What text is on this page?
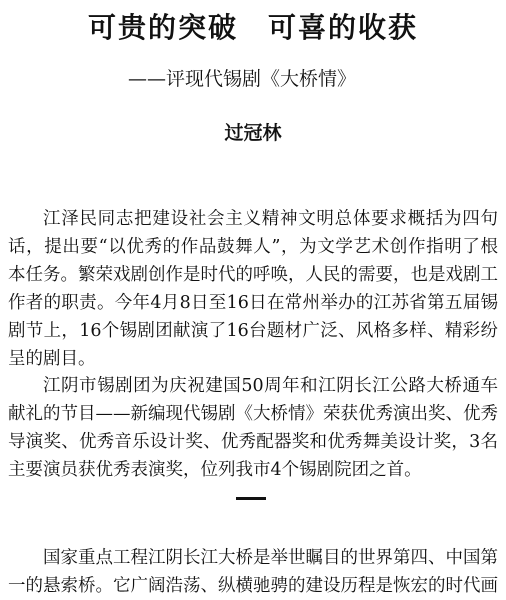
可贵的突破　可喜的收获
——评现代锡剧《大桥情》
过冠林
江泽民同志把建设社会主义精神文明总体要求概括为四句话，提出要“以优秀的作品鼓舞人”，为文学艺术创作指明了根本任务。繁荣戏剧创作是时代的呼唤，人民的需要，也是戏剧工作者的职责。今年4月8日至16日在常州举办的江苏省第五届锡剧节上，16个锡剧团献演了16台题材广泛、风格多样、精彩纷呈的剧目。
江阴市锡剧团为庆祝建国50周年和江阴长江公路大桥通车献礼的节目——新编现代锡剧《大桥情》荣获优秀演出奖、优秀导演奖、优秀音乐设计奖、优秀配器奖和优秀舞美设计奖，3名主要演员获优秀表演奖，位列我市4个锡剧院团之首。
国家重点工程江阴长江大桥是举世瞩目的世界第四、中国第一的悬索桥。它广阔浩荡、纵横驰骋的建设历程是恢宏的时代画
